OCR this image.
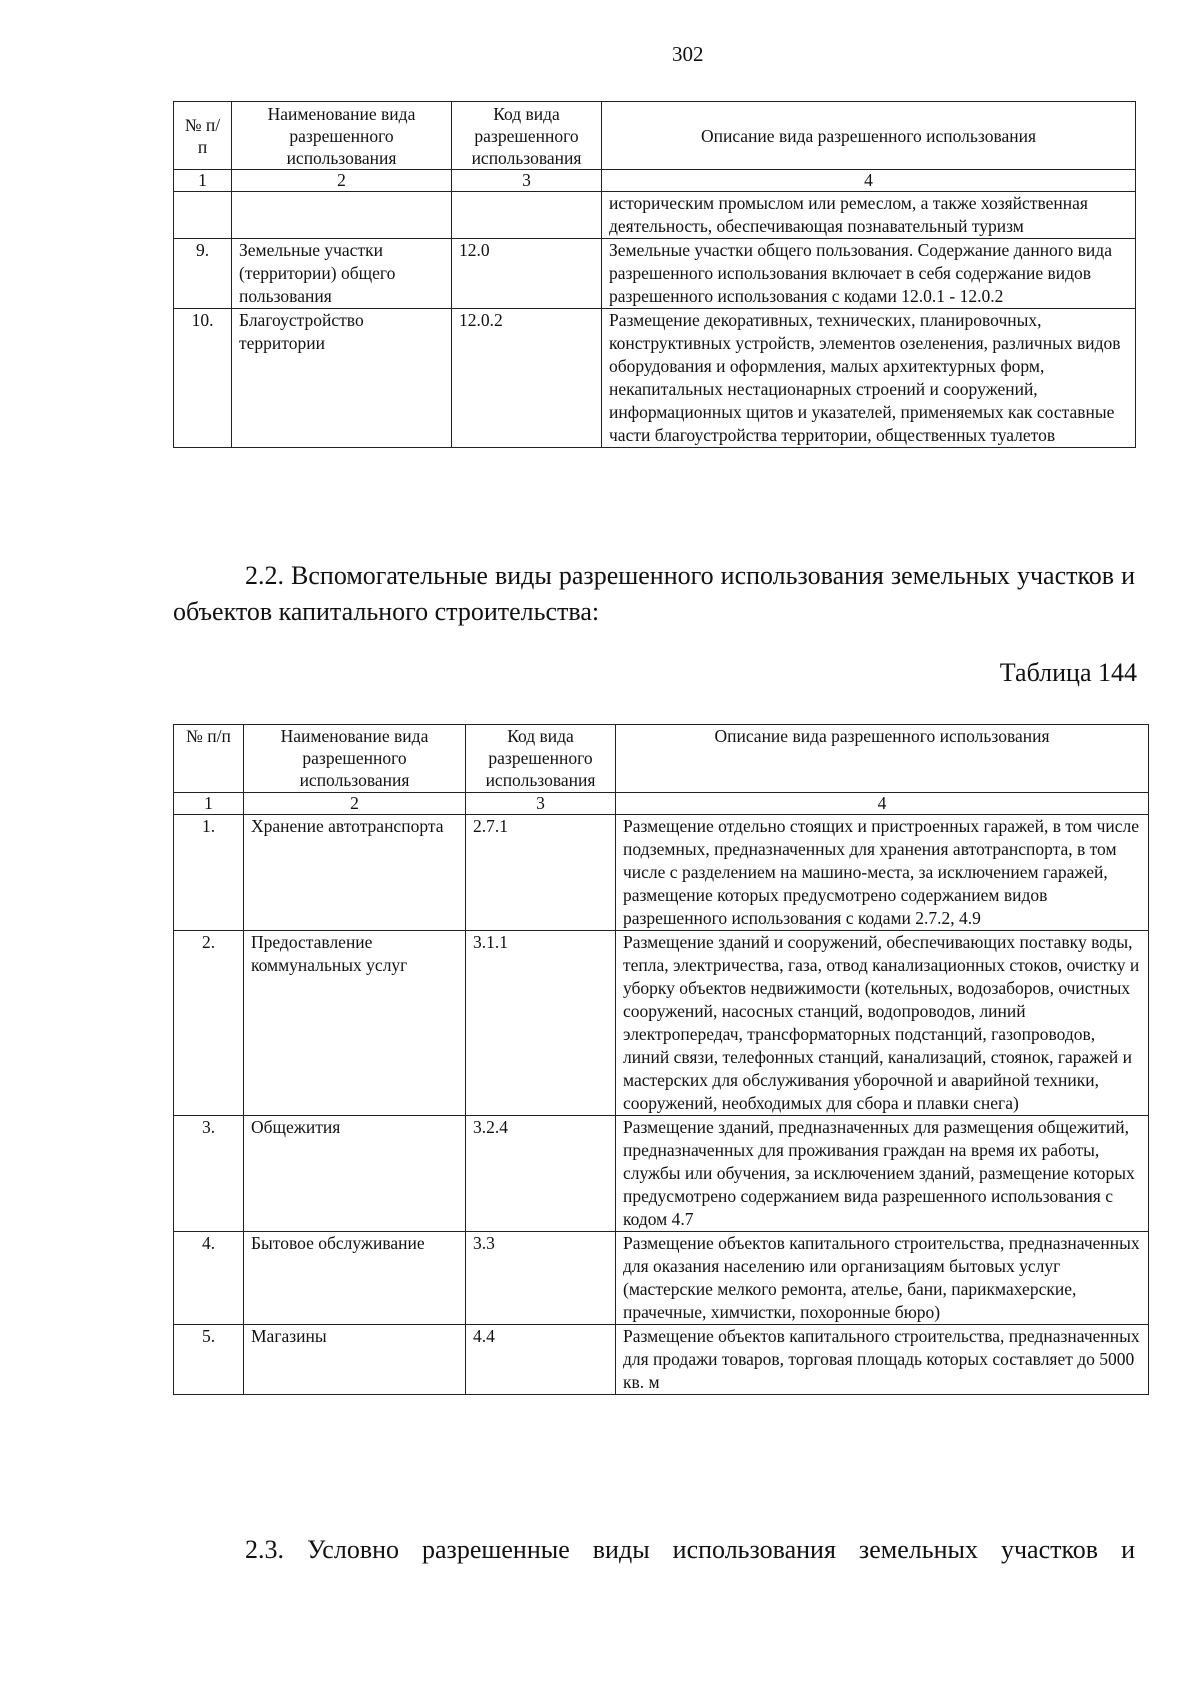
302
№ п/п	Наименование вида разрешенного использования	Код вида разрешенного использования	Описание вида разрешенного использования
1	2	3	4
			историческим промыслом или ремеслом, а также хозяйственная деятельность, обеспечивающая познавательный туризм
9.	Земельные участки (территории) общего пользования	12.0	Земельные участки общего пользования. Содержание данного вида разрешенного использования включает в себя содержание видов разрешенного использования с кодами 12.0.1 - 12.0.2
10.	Благоустройство территории	12.0.2	Размещение декоративных, технических, планировочных, конструктивных устройств, элементов озеленения, различных видов оборудования и оформления, малых архитектурных форм, некапитальных нестационарных строений и сооружений, информационных щитов и указателей, применяемых как составные части благоустройства территории, общественных туалетов
2.2. Вспомогательные виды разрешенного использования земельных участков и объектов капитального строительства:
Таблица 144
№ п/п	Наименование вида разрешенного использования	Код вида разрешенного использования	Описание вида разрешенного использования
1	2	3	4
1.	Хранение автотранспорта	2.7.1	Размещение отдельно стоящих и пристроенных гаражей, в том числе подземных, предназначенных для хранения автотранспорта, в том числе с разделением на машино-места, за исключением гаражей, размещение которых предусмотрено содержанием видов разрешенного использования с кодами 2.7.2, 4.9
2.	Предоставление коммунальных услуг	3.1.1	Размещение зданий и сооружений, обеспечивающих поставку воды, тепла, электричества, газа, отвод канализационных стоков, очистку и уборку объектов недвижимости (котельных, водозаборов, очистных сооружений, насосных станций, водопроводов, линий электропередач, трансформаторных подстанций, газопроводов, линий связи, телефонных станций, канализаций, стоянок, гаражей и мастерских для обслуживания уборочной и аварийной техники, сооружений, необходимых для сбора и плавки снега)
3.	Общежития	3.2.4	Размещение зданий, предназначенных для размещения общежитий, предназначенных для проживания граждан на время их работы, службы или обучения, за исключением зданий, размещение которых предусмотрено содержанием вида разрешенного использования с кодом 4.7
4.	Бытовое обслуживание	3.3	Размещение объектов капитального строительства, предназначенных для оказания населению или организациям бытовых услуг (мастерские мелкого ремонта, ателье, бани, парикмахерские, прачечные, химчистки, похоронные бюро)
5.	Магазины	4.4	Размещение объектов капитального строительства, предназначенных для продажи товаров, торговая площадь которых составляет до 5000 кв. м
2.3. Условно разрешенные виды использования земельных участков и
